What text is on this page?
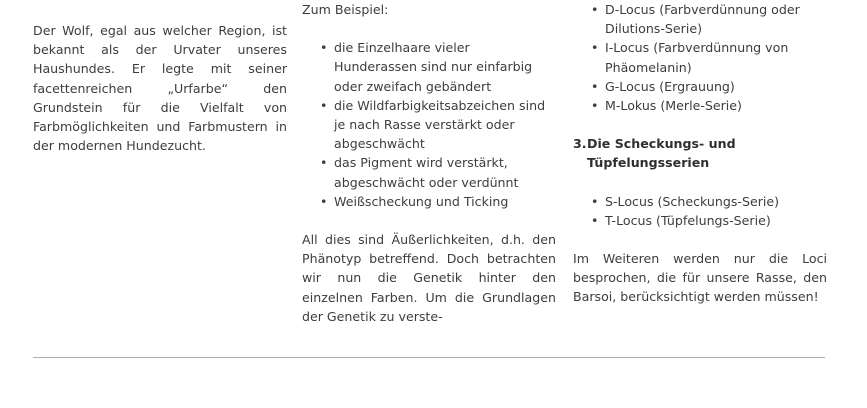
Der Wolf, egal aus welcher Region, ist bekannt als der Urvater unseres Haushundes. Er legte mit seiner facettenreichen „Urfarbe“ den Grundstein für die Vielfalt von Farbmöglichkeiten und Farbmustern in der modernen Hundezucht.

Zum Beispiel:

• die Einzelhaare vieler Hunderassen sind nur einfarbig oder zweifach gebändert
• die Wildfarbigkeitsabzeichen sind je nach Rasse verstärkt oder abgeschwächt
• das Pigment wird verstärkt, abgeschwächt oder verdünnt
• Weißscheckung und Ticking

All dies sind Äußerlichkeiten, d.h. den Phänotyp betreffend. Doch betrachten wir nun die Genetik hinter den einzelnen Farben. Um die Grundlagen der Genetik zu verste-

• D-Locus (Farbverdünnung oder Dilutions-Serie)
• I-Locus (Farbverdünnung von Phäomelanin)
• G-Locus (Ergrauung)
• M-Lokus (Merle-Serie)
3.Die Scheckungs- und
Tüpfelungsserien
• S-Locus (Scheckungs-Serie)
• T-Locus (Tüpfelungs-Serie)

Im Weiteren werden nur die Loci besprochen, die für unsere Rasse, den Barsoi, berücksichtigt werden müssen!
